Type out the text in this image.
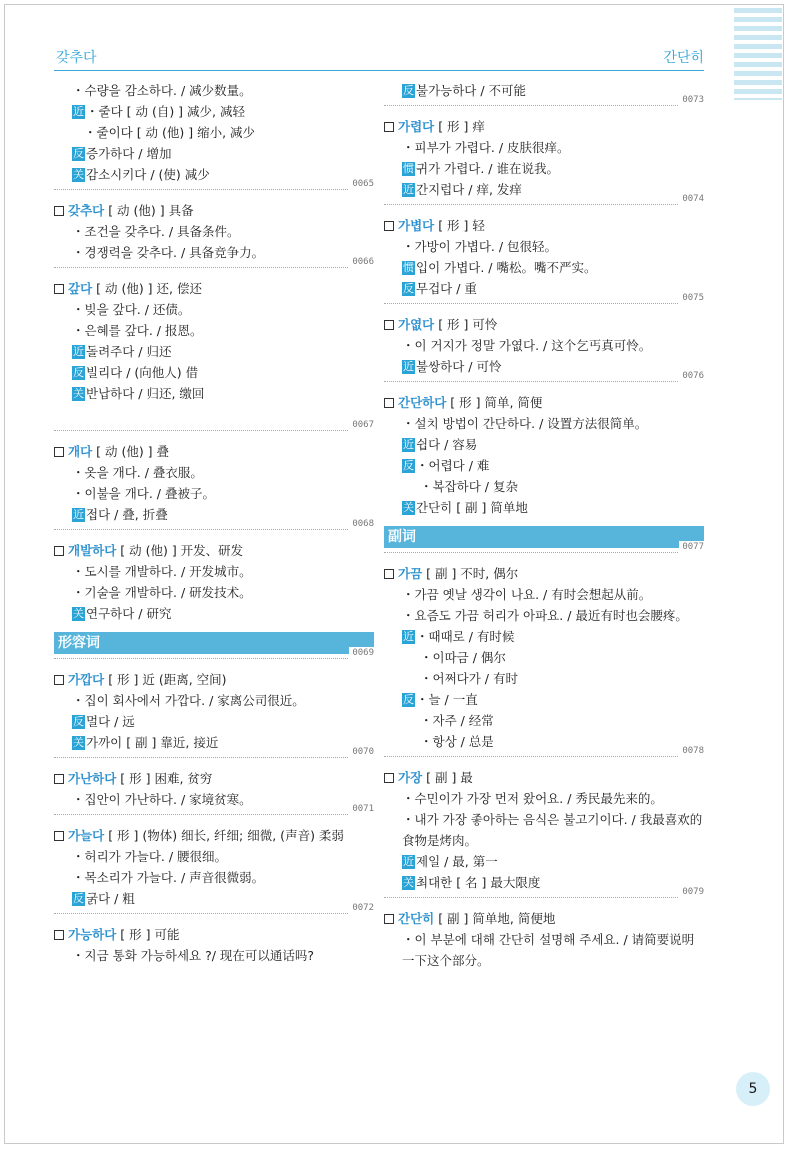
갖추다	간단히
・수량을 감소하다. / 减少数量。
近 ・줄다 [ 动 (自) ] 减少, 减轻
・줄이다 [ 动 (他) ] 缩小, 减少
反 증가하다 / 增加
关 감소시키다 / (使) 减少
0065
갖추다 [ 动 (他) ] 具备
・조건을 갖추다. / 具备条件。
・경쟁력을 갖추다. / 具备竞争力。
0066
갚다 [ 动 (他) ] 还, 偿还
・빚을 갚다. / 还债。
・은혜를 갚다. / 报恩。
近 돌려주다 / 归还
反 빌리다 / (向他人) 借
关 반납하다 / 归还, 缴回
0067
개다 [ 动 (他) ] 叠
・옷을 개다. / 叠衣服。
・이불을 개다. / 叠被子。
近 접다 / 叠, 折叠
0068
개발하다 [ 动 (他) ] 开发、研发
・도시를 개발하다. / 开发城市。
・기술을 개발하다. / 研发技术。
关 연구하다 / 研究
形容词
0069
가깝다 [ 形 ] 近 (距离, 空间)
・집이 회사에서 가깝다. / 家离公司很近。
反 멀다 / 远
关 가까이 [ 副 ] 靠近, 接近
0070
가난하다 [ 形 ] 困难, 贫穷
・집안이 가난하다. / 家境贫寒。
0071
가늘다 [ 形 ] (物体) 细长, 纤细; 细微, (声音) 柔弱
・허리가 가늘다. / 腰很细。
・목소리가 가늘다. / 声音很微弱。
反 굵다 / 粗
0072
가능하다 [ 形 ] 可能
・지금 통화 가능하세요 ?/ 现在可以通话吗?
反 불가능하다 / 不可能
0073
가렵다 [ 形 ] 痒
・피부가 가렵다. / 皮肤很痒。
惯 귀가 가렵다. / 谁在说我。
近 간지럽다 / 痒, 发痒
0074
가볍다 [ 形 ] 轻
・가방이 가볍다. / 包很轻。
惯 입이 가볍다. / 嘴松。嘴不严实。
反 무겁다 / 重
0075
가엾다 [ 形 ] 可怜
・이 거지가 정말 가엾다. / 这个乞丐真可怜。
近 불쌍하다 / 可怜
0076
간단하다 [ 形 ] 简单, 简便
・설치 방법이 간단하다. / 设置方法很简单。
近 쉽다 / 容易
反 ・어렵다 / 难
・복잡하다 / 复杂
关 간단히 [ 副 ] 简单地
副词
0077
가끔 [ 副 ] 不时, 偶尔
・가끔 옛날 생각이 나요. / 有时会想起从前。
・요즘도 가끔 허리가 아파요. / 最近有时也会腰疼。
近 ・때때로 / 有时候
・이따금 / 偶尔
・어쩌다가 / 有时
反 ・늘 / 一直
・자주 / 经常
・항상 / 总是
0078
가장 [ 副 ] 最
・수민이가 가장 먼저 왔어요. / 秀民最先来的。
・내가 가장 좋아하는 음식은 불고기이다. / 我最喜欢的食物是烤肉。
近 제일 / 最, 第一
关 최대한 [ 名 ] 最大限度
0079
간단히 [ 副 ] 简单地, 简便地
・이 부분에 대해 간단히 설명해 주세요. / 请简要说明一下这个部分。
5
